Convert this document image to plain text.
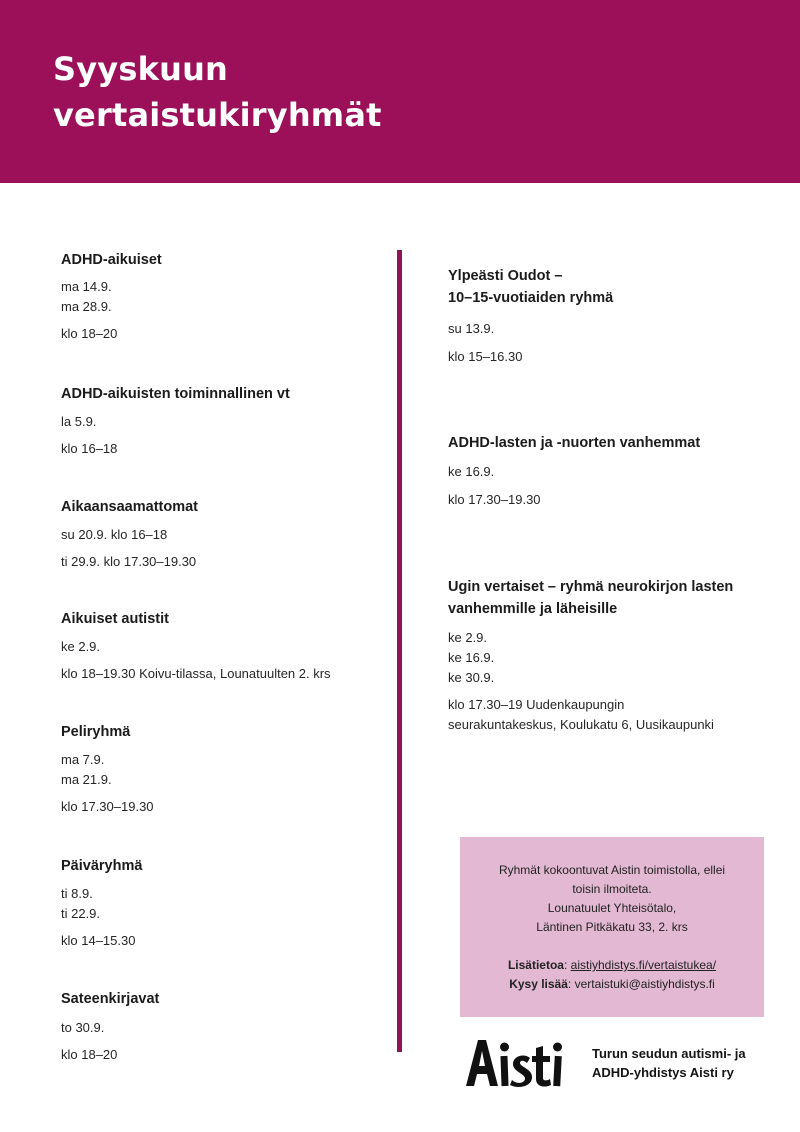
Syyskuun
vertaistukiryhmät

ADHD-aikuiset

ma 14.9.

ma 28.9.

klo 18–20

ADHD-aikuisten toiminnallinen vt

la 5.9.

klo 16–18

Aikaansaamattomat

su 20.9. klo 16–18

ti 29.9. klo 17.30–19.30

Aikuiset autistit

ke 2.9.

klo 18–19.30 Koivu-tilassa, Lounatuulten 2. krs

Peliryhmä

ma 7.9.

ma 21.9.

klo 17.30–19.30

Päiväryhmä

ti 8.9.

ti 22.9.

klo 14–15.30

Sateenkirjavat

to 30.9.

klo 18–20

Ylpeästi Oudot –
10–15-vuotiaiden ryhmä

su 13.9.

klo 15–16.30

ADHD-lasten ja -nuorten vanhemmat

ke 16.9.

klo 17.30–19.30

Ugin vertaiset – ryhmä neurokirjon lasten
vanhemmille ja läheisille

ke 2.9.

ke 16.9.

ke 30.9.

klo 17.30–19 Uudenkaupungin

seurakuntakeskus, Koulukatu 6, Uusikaupunki

Ryhmät kokoontuvat Aistin toimistolla, ellei

toisin ilmoiteta.

Lounatuulet Yhteisötalo,

Läntinen Pitkäkatu 33, 2. krs

Lisätietoa: aistiyhdistys.fi/vertaistukea/

Kysy lisää: vertaistuki@aistiyhdistys.fi

Turun seudun autismi- ja
ADHD-yhdistys Aisti ry
